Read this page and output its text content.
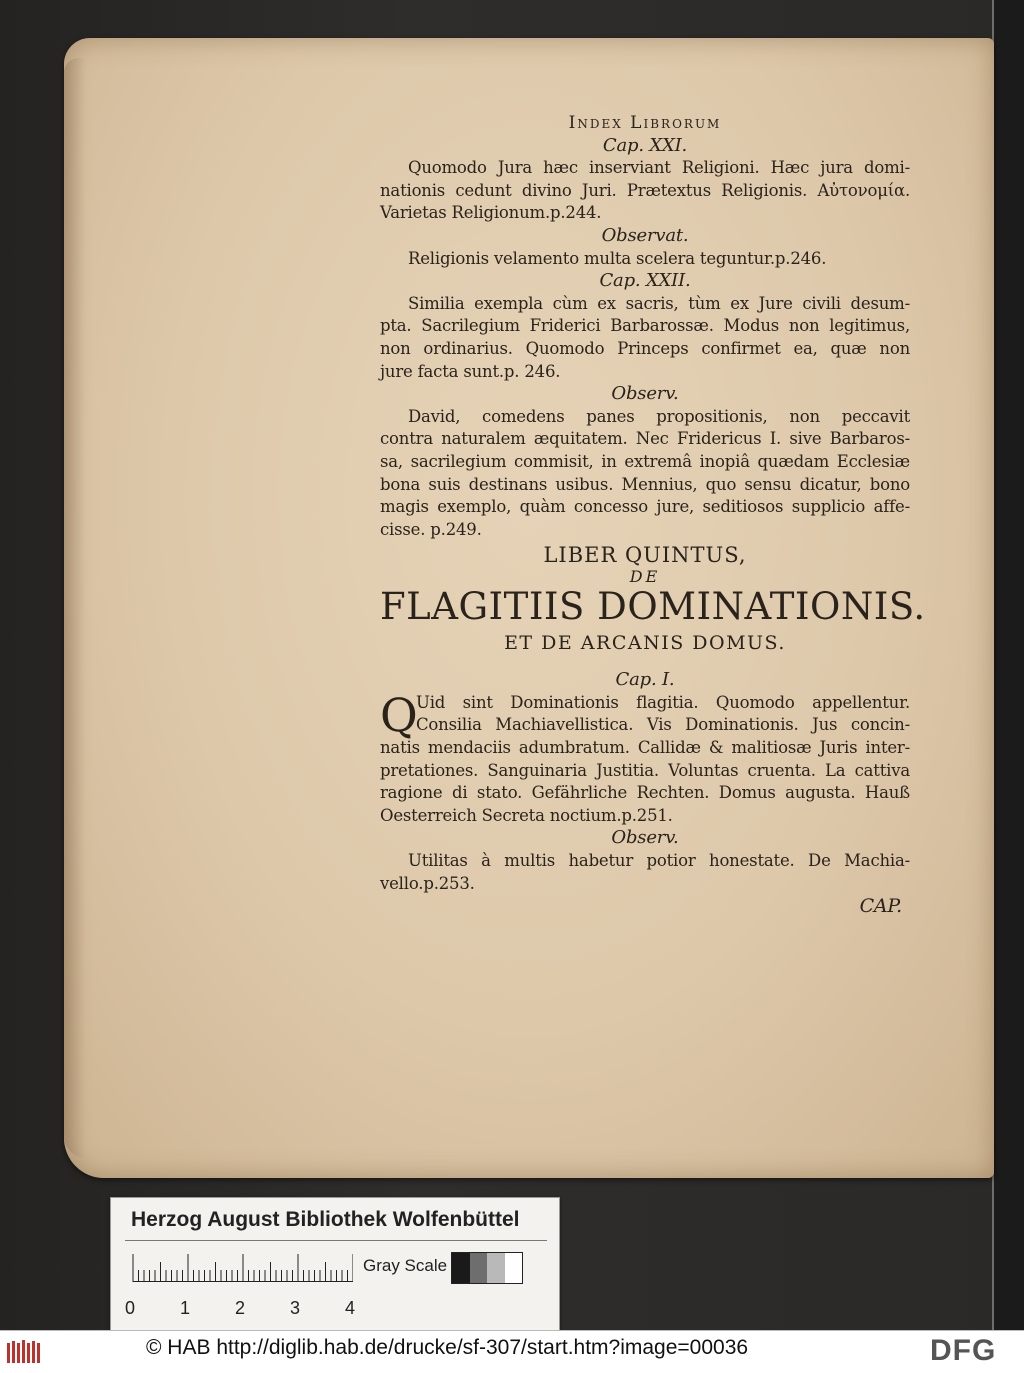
Index Librorum
Cap. XXI.
Quomodo Jura hæc inserviant Religioni. Hæc jura domi-
nationis cedunt divino Juri. Prætextus Religionis. Αὐτονομία.
Varietas Religionum.p.244.
Observat.
Religionis velamento multa scelera teguntur.p.246.
Cap. XXII.
Similia exempla cùm ex sacris, tùm ex Jure civili desum-
pta. Sacrilegium Friderici Barbarossæ. Modus non legitimus,
non ordinarius. Quomodo Princeps confirmet ea, quæ non
jure facta sunt.p. 246.
Observ.
David, comedens panes propositionis, non peccavit
contra naturalem æquitatem. Nec Fridericus I. sive Barbaros-
sa, sacrilegium commisit, in extremâ inopiâ quædam Ecclesiæ
bona suis destinans usibus. Mennius, quo sensu dicatur, bono
magis exemplo, quàm concesso jure, seditiosos supplicio affe-
cisse. p.249.
LIBER QUINTUS,
DE
FLAGITIIS DOMINATIONIS.
ET DE ARCANIS DOMUS.
Cap. I.
Q
Uid sint Dominationis flagitia. Quomodo appellentur.
Consilia Machiavellistica. Vis Dominationis. Jus concin-
natis mendaciis adumbratum. Callidæ & malitiosæ Juris inter-
pretationes. Sanguinaria Justitia. Voluntas cruenta. La cattiva
ragione di stato. Gefährliche Rechten. Domus augusta. Hauß
Oesterreich Secreta noctium.p.251.
Observ.
Utilitas à multis habetur potior honestate. De Machia-
vello.p.253.
CAP.
Herzog August Bibliothek Wolfenbüttel
0 1 2 3 4
Gray Scale
© HAB http://diglib.hab.de/drucke/sf-307/start.htm?image=00036	DFG
